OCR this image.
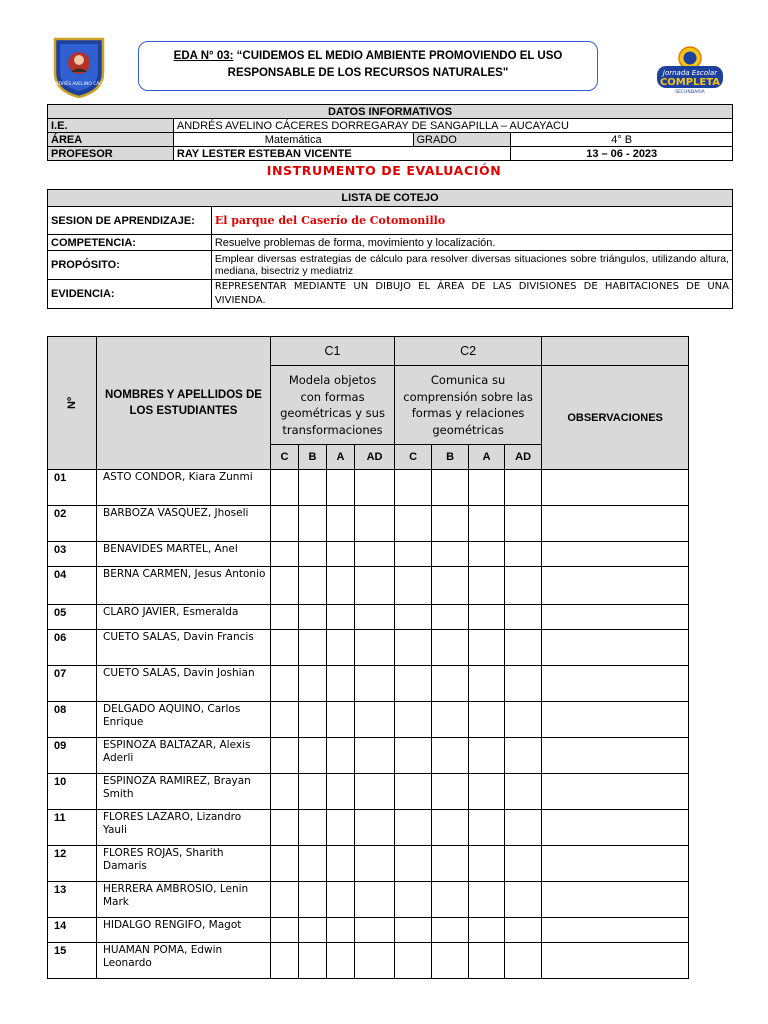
I.E. ANDRÉS AVELINO CÁCERES
EDA N° 03: “CUIDEMOS EL MEDIO AMBIENTE PROMOVIENDO EL USO
RESPONSABLE DE LOS RECURSOS NATURALES"	Jornada Escolar
COMPLETA
SECUNDARIA
DATOS INFORMATIVOS			
I.E.	ANDRÉS AVELINO CÁCERES DORREGARAY DE SANGAPILLA – AUCAYACU		
ÁREA	Matemática	GRADO	4° B
PROFESOR	RAY LESTER ESTEBAN VICENTE		13 – 06 - 2023
INSTRUMENTO DE EVALUACIÓN
LISTA DE COTEJO	
SESION DE APRENDIZAJE:	El parque del Caserío de Cotomonillo
COMPETENCIA:	Resuelve problemas de forma, movimiento y localización.
PROPÓSITO:	Emplear diversas estrategias de cálculo para resolver diversas situaciones sobre triángulos, utilizando altura, mediana, bisectriz y mediatriz
EVIDENCIA:	REPRESENTAR MEDIANTE UN DIBUJO EL ÁREA DE LAS DIVISIONES DE HABITACIONES DE UNA VIVIENDA.
Nº	NOMBRES Y APELLIDOS DE LOS ESTUDIANTES	C1				C2				
		Modela objetos con formas geométricas y sus transformaciones				Comunica su comprensión sobre las formas y relaciones geométricas				OBSERVACIONES
		C	B	A	AD	C	B	A	AD	
01	ASTO CONDOR, Kiara Zunmi									
02	BARBOZA VASQUEZ, Jhoseli									
03	BENAVIDES MARTEL, Anel									
04	BERNA CARMEN, Jesus Antonio									
05	CLARO JAVIER, Esmeralda									
06	CUETO SALAS, Davin Francis									
07	CUETO SALAS, Davin Joshian									
08	DELGADO AQUINO, Carlos Enrique									
09	ESPINOZA BALTAZAR, Alexis Aderli									
10	ESPINOZA RAMIREZ, Brayan Smith									
11	FLORES LAZARO, Lizandro Yauli									
12	FLORES ROJAS, Sharith Damaris									
13	HERRERA AMBROSIO, Lenin Mark									
14	HIDALGO RENGIFO, Magot									
15	HUAMAN POMA, Edwin Leonardo									
